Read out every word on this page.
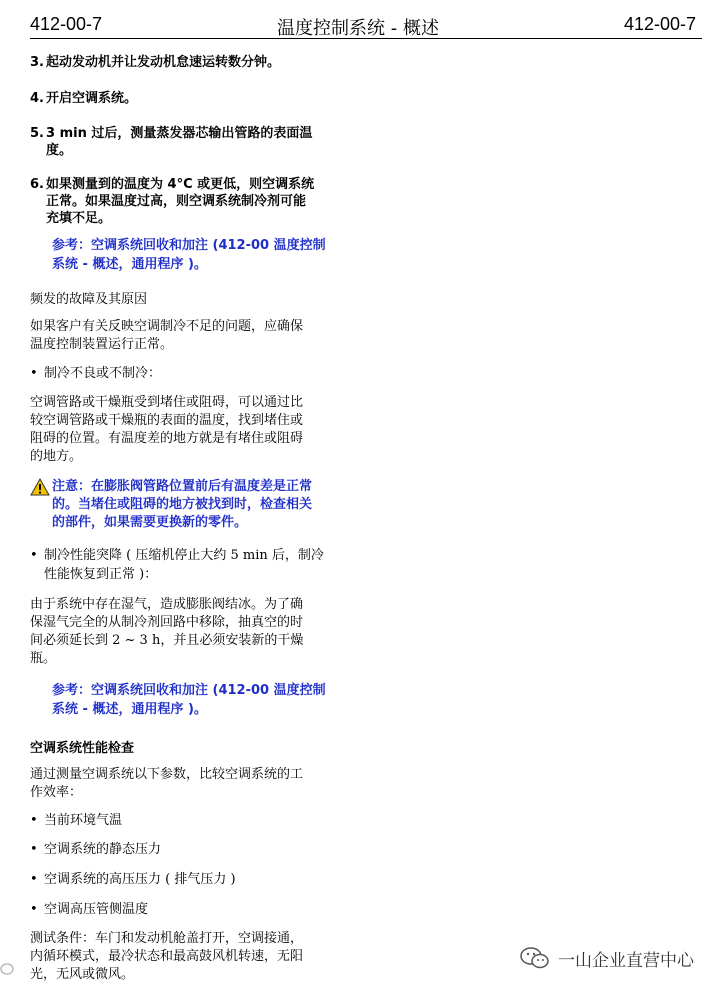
412-00-7	温度控制系统 - 概述	412-00-7
3. 起动发动机并让发动机怠速运转数分钟。
4. 开启空调系统。
5. 3 min 过后，测量蒸发器芯输出管路的表面温
度。
6. 如果测量到的温度为 4°C 或更低，则空调系统
正常。如果温度过高，则空调系统制冷剂可能
充填不足。
参考：空调系统回收和加注 (412-00 温度控制
系统 - 概述，通用程序 )。
频发的故障及其原因
如果客户有关反映空调制冷不足的问题，应确保
温度控制装置运行正常。
• 制冷不良或不制冷：
空调管路或干燥瓶受到堵住或阻碍，可以通过比
较空调管路或干燥瓶的表面的温度，找到堵住或
阻碍的位置。有温度差的地方就是有堵住或阻碍
的地方。
注意：在膨胀阀管路位置前后有温度差是正常
的。当堵住或阻碍的地方被找到时，检查相关
的部件，如果需要更换新的零件。
• 制冷性能突降 ( 压缩机停止大约 5 min 后，制冷
性能恢复到正常 )：
由于系统中存在湿气，造成膨胀阀结冰。为了确
保湿气完全的从制冷剂回路中移除，抽真空的时
间必须延长到 2 ~ 3 h，并且必须安装新的干燥
瓶。
参考：空调系统回收和加注 (412-00 温度控制
系统 - 概述，通用程序 )。
空调系统性能检查
通过测量空调系统以下参数，比较空调系统的工
作效率：
• 当前环境气温
• 空调系统的静态压力
• 空调系统的高压压力 ( 排气压力 )
• 空调高压管侧温度
测试条件：车门和发动机舱盖打开，空调接通，
内循环模式，最冷状态和最高鼓风机转速，无阳
光，无风或微风。
一山企业直营中心
